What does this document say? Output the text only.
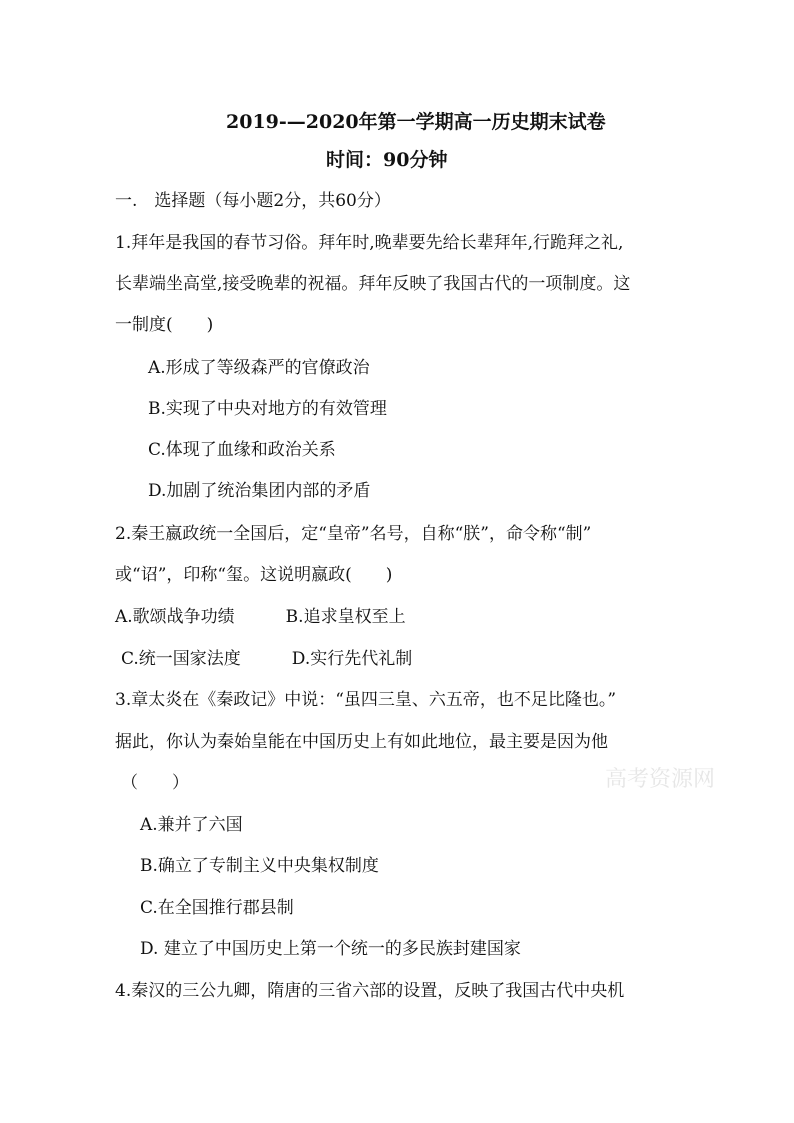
2019-—2020年第一学期高一历史期末试卷
时间：90分钟
一.　选择题（每小题2分，共60分）
1.拜年是我国的春节习俗。拜年时,晚辈要先给长辈拜年,行跪拜之礼,
长辈端坐高堂,接受晚辈的祝福。拜年反映了我国古代的一项制度。这
一制度(　　)
A.形成了等级森严的官僚政治
B.实现了中央对地方的有效管理
C.体现了血缘和政治关系
D.加剧了统治集团内部的矛盾
2.秦王嬴政统一全国后，定“皇帝”名号，自称“朕”，命令称“制”
或“诏”，印称“玺。这说明嬴政(　　)
A.歌颂战争功绩　　　B.追求皇权至上
C.统一国家法度　　　D.实行先代礼制
3.章太炎在《秦政记》中说：“虽四三皇、六五帝，也不足比隆也。”
据此，你认为秦始皇能在中国历史上有如此地位，最主要是因为他
（　　）
A.兼并了六国
B.确立了专制主义中央集权制度
C.在全国推行郡县制
D. 建立了中国历史上第一个统一的多民族封建国家
4.秦汉的三公九卿，隋唐的三省六部的设置，反映了我国古代中央机
高考资源网
